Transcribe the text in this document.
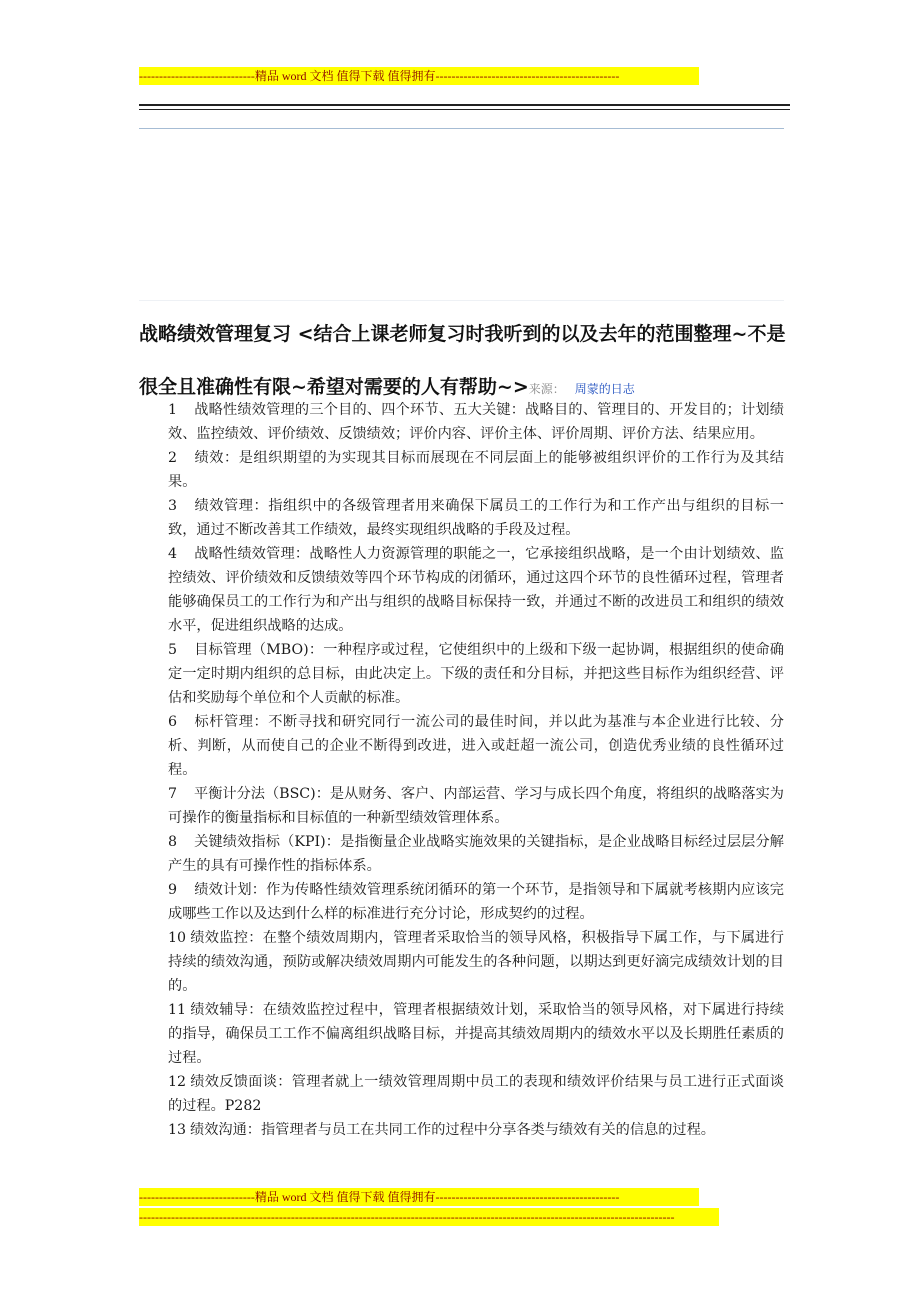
-----------------------------精品 word 文档 值得下载 值得拥有----------------------------------------------
战略绩效管理复习 <结合上课老师复习时我听到的以及去年的范围整理~不是很全且准确性有限~希望对需要的人有帮助~>来源： 周蒙的日志

1 战略性绩效管理的三个目的、四个环节、五大关键：战略目的、管理目的、开发目的；计划绩效、监控绩效、评价绩效、反馈绩效；评价内容、评价主体、评价周期、评价方法、结果应用。

2 绩效：是组织期望的为实现其目标而展现在不同层面上的能够被组织评价的工作行为及其结果。

3 绩效管理：指组织中的各级管理者用来确保下属员工的工作行为和工作产出与组织的目标一致，通过不断改善其工作绩效，最终实现组织战略的手段及过程。

4 战略性绩效管理：战略性人力资源管理的职能之一，它承接组织战略，是一个由计划绩效、监控绩效、评价绩效和反馈绩效等四个环节构成的闭循环，通过这四个环节的良性循环过程，管理者能够确保员工的工作行为和产出与组织的战略目标保持一致，并通过不断的改进员工和组织的绩效水平，促进组织战略的达成。

5 目标管理（MBO)：一种程序或过程，它使组织中的上级和下级一起协调，根据组织的使命确定一定时期内组织的总目标，由此决定上。下级的责任和分目标，并把这些目标作为组织经营、评估和奖励每个单位和个人贡献的标准。

6 标杆管理：不断寻找和研究同行一流公司的最佳时间，并以此为基准与本企业进行比较、分析、判断，从而使自己的企业不断得到改进，进入或赶超一流公司，创造优秀业绩的良性循环过程。

7 平衡计分法（BSC)：是从财务、客户、内部运营、学习与成长四个角度，将组织的战略落实为可操作的衡量指标和目标值的一种新型绩效管理体系。

8 关键绩效指标（KPI)：是指衡量企业战略实施效果的关键指标，是企业战略目标经过层层分解产生的具有可操作性的指标体系。

9 绩效计划：作为传略性绩效管理系统闭循环的第一个环节，是指领导和下属就考核期内应该完成哪些工作以及达到什么样的标准进行充分讨论，形成契约的过程。

10 绩效监控：在整个绩效周期内，管理者采取恰当的领导风格，积极指导下属工作，与下属进行持续的绩效沟通，预防或解决绩效周期内可能发生的各种问题，以期达到更好滴完成绩效计划的目的。

11 绩效辅导：在绩效监控过程中，管理者根据绩效计划，采取恰当的领导风格，对下属进行持续的指导，确保员工工作不偏离组织战略目标，并提高其绩效周期内的绩效水平以及长期胜任素质的过程。

12 绩效反馈面谈：管理者就上一绩效管理周期中员工的表现和绩效评价结果与员工进行正式面谈的过程。P282

13 绩效沟通：指管理者与员工在共同工作的过程中分享各类与绩效有关的信息的过程。

-----------------------------精品 word 文档 值得下载 值得拥有----------------------------------------------
--------------------------------------------------------------------------------------------------------------------------------------
